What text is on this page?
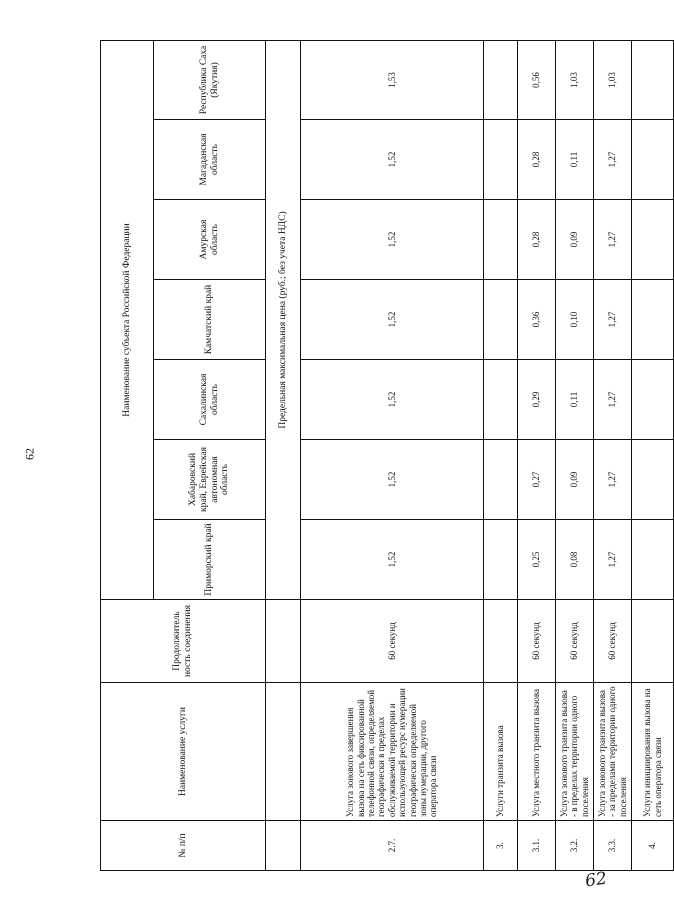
62
№ п/п	Наименование услуги	Продолжитель ность соединения	Наименование субъекта Российской Федерации						
			Приморский край	Хабаровский край, Еврейская автономная область	Сахалинская область	Камчатский край	Амурская область	Магаданская область	Республика Саха (Якутия)
			Предельная максимальная цена (руб.; без учета НДС)						
2.7.	Услуга зонового завершения вызова на сеть фиксированной телефонной связи, определяемой географически в пределах обслуживаемой территории и использующей ресурс нумерации географически определяемой зоны нумерации, другого оператора связи	60 секунд	1,52	1,52	1,52	1,52	1,52	1,52	1,53
3.	Услуги транзита вызова								
3.1.	Услуга местного транзита вызова	60 секунд	0,25	0,27	0,29	0,36	0,28	0,28	0,56
3.2.	Услуга зонового транзита вызова - в пределах территории одного поселения	60 секунд	0,08	0,09	0,11	0,10	0,09	0,11	1,03
3.3.	Услуга зонового транзита вызова - за пределами территории одного поселения	60 секунд	1,27	1,27	1,27	1,27	1,27	1,27	1,03
4.	Услуги инициирования вызова на сеть оператора связи								
62
